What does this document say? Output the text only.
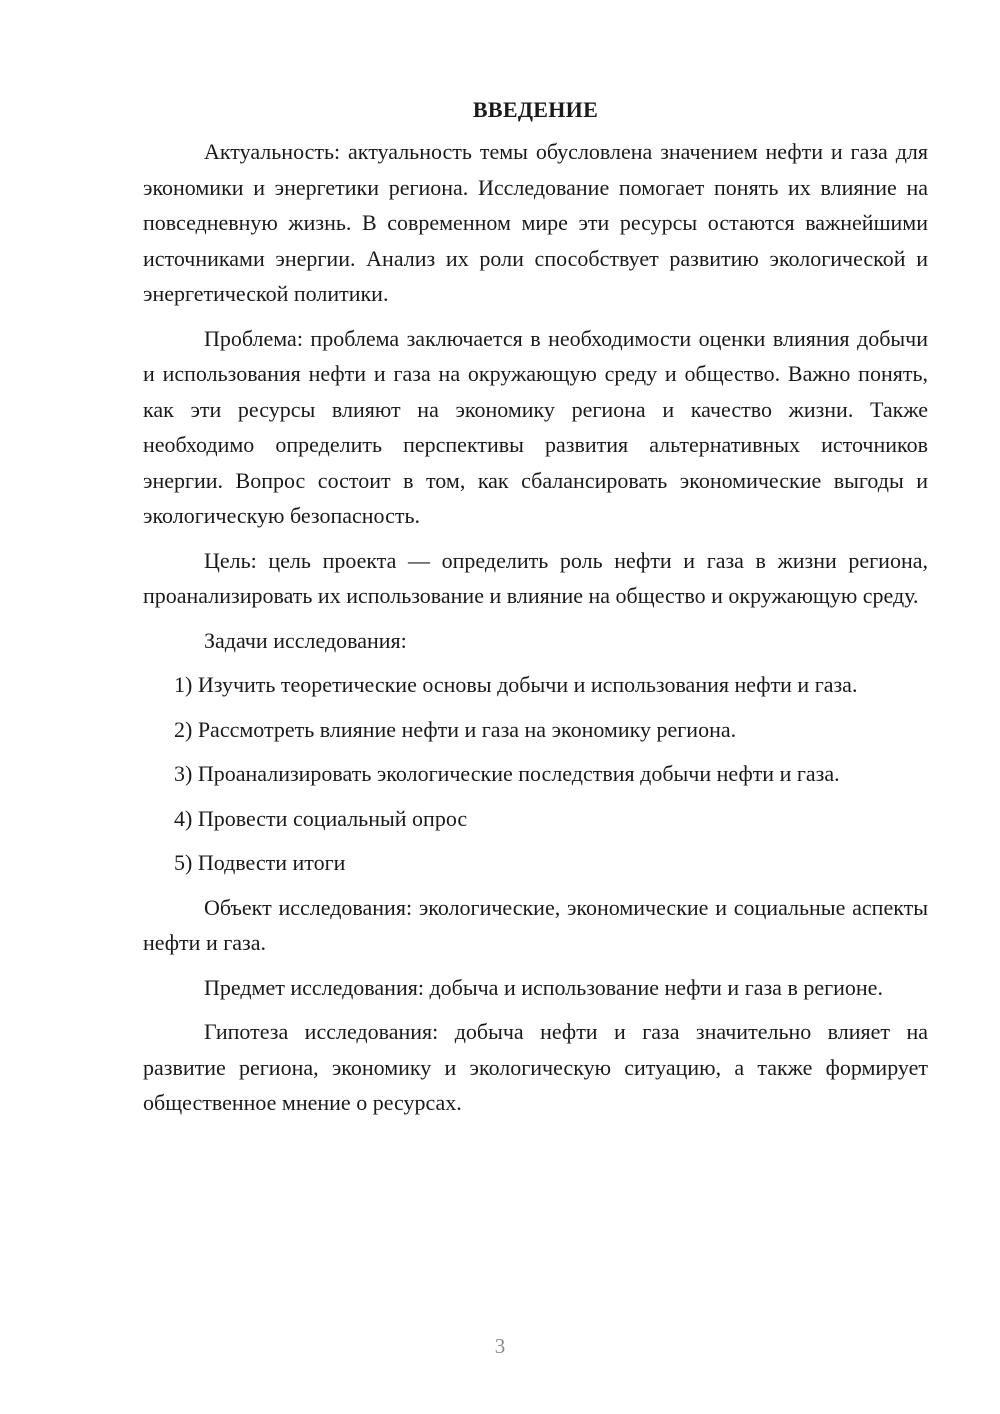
ВВЕДЕНИЕ

Актуальность: актуальность темы обусловлена значением нефти и газа для экономики и энергетики региона. Исследование помогает понять их влияние на повседневную жизнь. В современном мире эти ресурсы остаются важнейшими источниками энергии. Анализ их роли способствует развитию экологической и энергетической политики.

Проблема: проблема заключается в необходимости оценки влияния добычи и использования нефти и газа на окружающую среду и общество. Важно понять, как эти ресурсы влияют на экономику региона и качество жизни. Также необходимо определить перспективы развития альтернативных источников энергии. Вопрос состоит в том, как сбалансировать экономические выгоды и экологическую безопасность.

Цель: цель проекта — определить роль нефти и газа в жизни региона, проанализировать их использование и влияние на общество и окружающую среду.

Задачи исследования:

1) Изучить теоретические основы добычи и использования нефти и газа.

2) Рассмотреть влияние нефти и газа на экономику региона.

3) Проанализировать экологические последствия добычи нефти и газа.

4) Провести социальный опрос

5) Подвести итоги

Объект исследования: экологические, экономические и социальные аспекты нефти и газа.

Предмет исследования: добыча и использование нефти и газа в регионе.

Гипотеза исследования: добыча нефти и газа значительно влияет на развитие региона, экономику и экологическую ситуацию, а также формирует общественное мнение о ресурсах.

3
